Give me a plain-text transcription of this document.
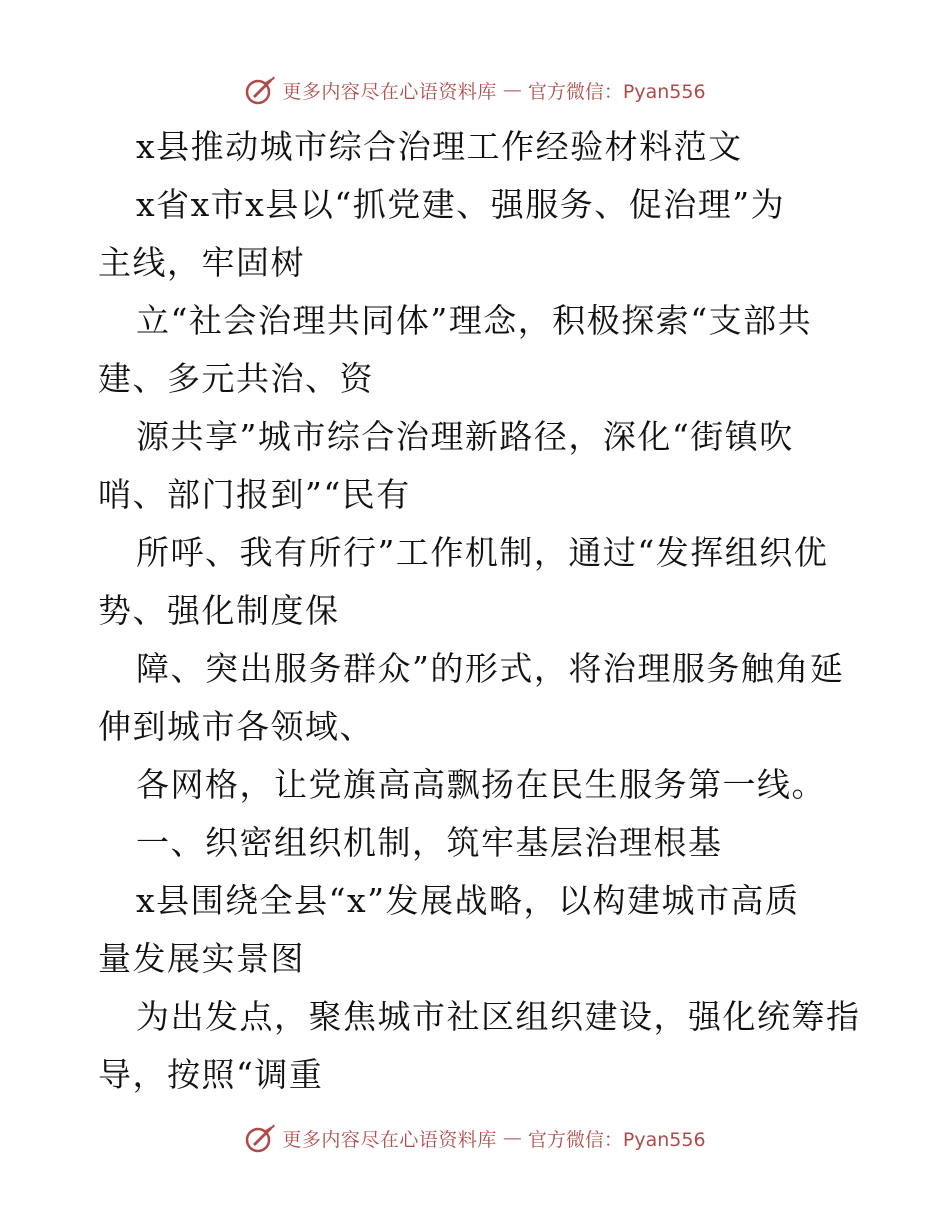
更多内容尽在心语资料库 — 官方微信：Pyan556
x县推动城市综合治理工作经验材料范文
x省x市x县以“抓党建、强服务、促治理”为
主线，牢固树
立“社会治理共同体”理念，积极探索“支部共
建、多元共治、资
源共享”城市综合治理新路径，深化“街镇吹
哨、部门报到”“民有
所呼、我有所行”工作机制，通过“发挥组织优
势、强化制度保
障、突出服务群众”的形式，将治理服务触角延
伸到城市各领域、
各网格，让党旗高高飘扬在民生服务第一线。
一、织密组织机制，筑牢基层治理根基
x县围绕全县“x”发展战略，以构建城市高质
量发展实景图
为出发点，聚焦城市社区组织建设，强化统筹指
导，按照“调重
更多内容尽在心语资料库 — 官方微信：Pyan556
